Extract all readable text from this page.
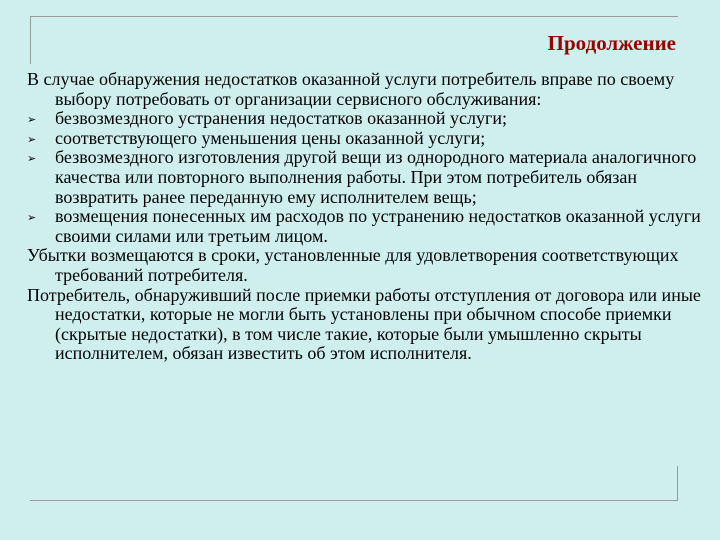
Продолжение

В случае обнаружения недостатков оказанной услуги потребитель вправе по своему выбору потребовать от организации сервисного обслуживания:

➢	безвозмездного устранения недостатков оказанной услуги;
➢	соответствующего уменьшения цены оказанной услуги;
➢	безвозмездного изготовления другой вещи из однородного материала аналогичного качества или повторного выполнения работы. При этом потребитель обязан возвратить ранее переданную ему исполнителем вещь;
➢	возмещения понесенных им расходов по устранению недостатков оказанной услуги своими силами или третьим лицом.

Убытки возмещаются в сроки, установленные для удовлетворения соответствующих требований потребителя.

Потребитель, обнаруживший после приемки работы отступления от договора или иные недостатки, которые не могли быть установлены при обычном способе приемки (скрытые недостатки), в том числе такие, которые были умышленно скрыты исполнителем, обязан известить об этом исполнителя.
